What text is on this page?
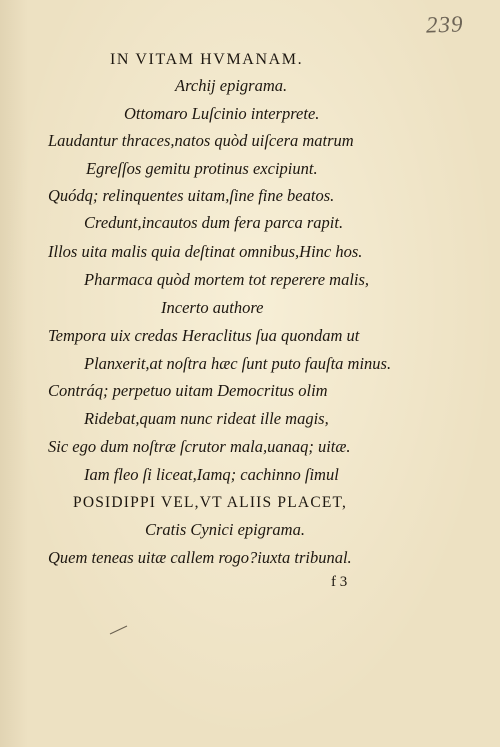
239
IN VITAM HVMANAM.
Archij epigrama.
Ottomaro Luſcinio interprete.
Laudantur thraces,natos quòd uiſcera matrum
Egreſſos gemitu protinus excipiunt.
Quódq; relinquentes uitam,ſine fine beatos.
Credunt,incautos dum fera parca rapit.
Illos uita malis quia deſtinat omnibus,Hinc hos.
Pharmaca quòd mortem tot reperere malis,
Incerto authore
Tempora uix credas Heraclitus ſua quondam ut
Planxerit,at noſtra hæc ſunt puto fauſta minus.
Contráq; perpetuo uitam Democritus olim
Ridebat,quam nunc rideat ille magis,
Sic ego dum noſtræ ſcrutor mala,uanaq; uitæ.
Iam fleo ſi liceat,Iamq; cachinno ſimul
POSIDIPPI VEL,VT ALIIS PLACET,
Cratis Cynici epigrama.
Quem teneas uitæ callem rogo?iuxta tribunal.
f 3
